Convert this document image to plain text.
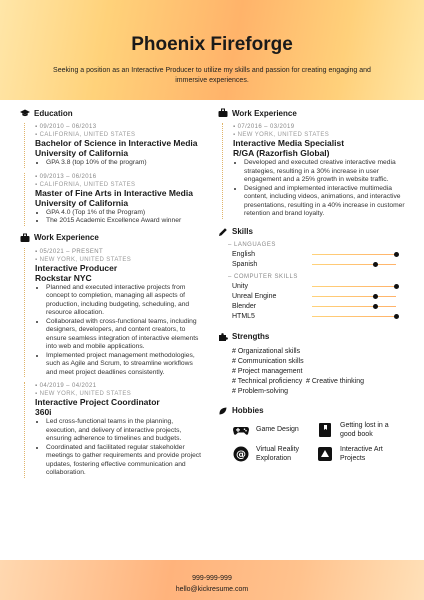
Phoenix Fireforge
Seeking a position as an Interactive Producer to utilize my skills and passion for creating engaging and immersive experiences.
Education
▪ 09/2010 – 06/2013
▪ CALIFORNIA, UNITED STATES
Bachelor of Science in Interactive Media
University of California
• GPA 3.8 (top 10% of the program)
▪ 09/2013 – 06/2016
▪ CALIFORNIA, UNITED STATES
Master of Fine Arts in Interactive Media
University of California
• GPA 4.0 (Top 1% of the Program)
• The 2015 Academic Excellence Award winner
Work Experience
▪ 05/2021 – PRESENT
▪ NEW YORK, UNITED STATES
Interactive Producer
Rockstar NYC
• Planned and executed interactive projects from concept to completion, managing all aspects of production, including budgeting, scheduling, and resource allocation.
• Collaborated with cross-functional teams, including designers, developers, and content creators, to ensure seamless integration of interactive elements into web and mobile applications.
• Implemented project management methodologies, such as Agile and Scrum, to streamline workflows and meet project deadlines consistently.
▪ 04/2019 – 04/2021
▪ NEW YORK, UNITED STATES
Interactive Project Coordinator
360i
• Led cross-functional teams in the planning, execution, and delivery of interactive projects, ensuring adherence to timelines and budgets.
• Coordinated and facilitated regular stakeholder meetings to gather requirements and provide project updates, fostering effective communication and collaboration.
Work Experience
▪ 07/2016 – 03/2019
▪ NEW YORK, UNITED STATES
Interactive Media Specialist
R/GA (Razorfish Global)
• Developed and executed creative interactive media strategies, resulting in a 30% increase in user engagement and a 25% growth in website traffic.
• Designed and implemented interactive multimedia content, including videos, animations, and interactive presentations, resulting in a 40% increase in customer retention and brand loyalty.
Skills
– LANGUAGES
English
Spanish
– COMPUTER SKILLS
Unity
Unreal Engine
Blender
HTML5
Strengths
# Organizational skills
# Communication skills
# Project management
# Technical proficiency # Creative thinking
# Problem-solving
Hobbies
Game Design
Getting lost in a good book
@ Virtual Reality Exploration
Interactive Art Projects
999-999-999
hello@kickresume.com
